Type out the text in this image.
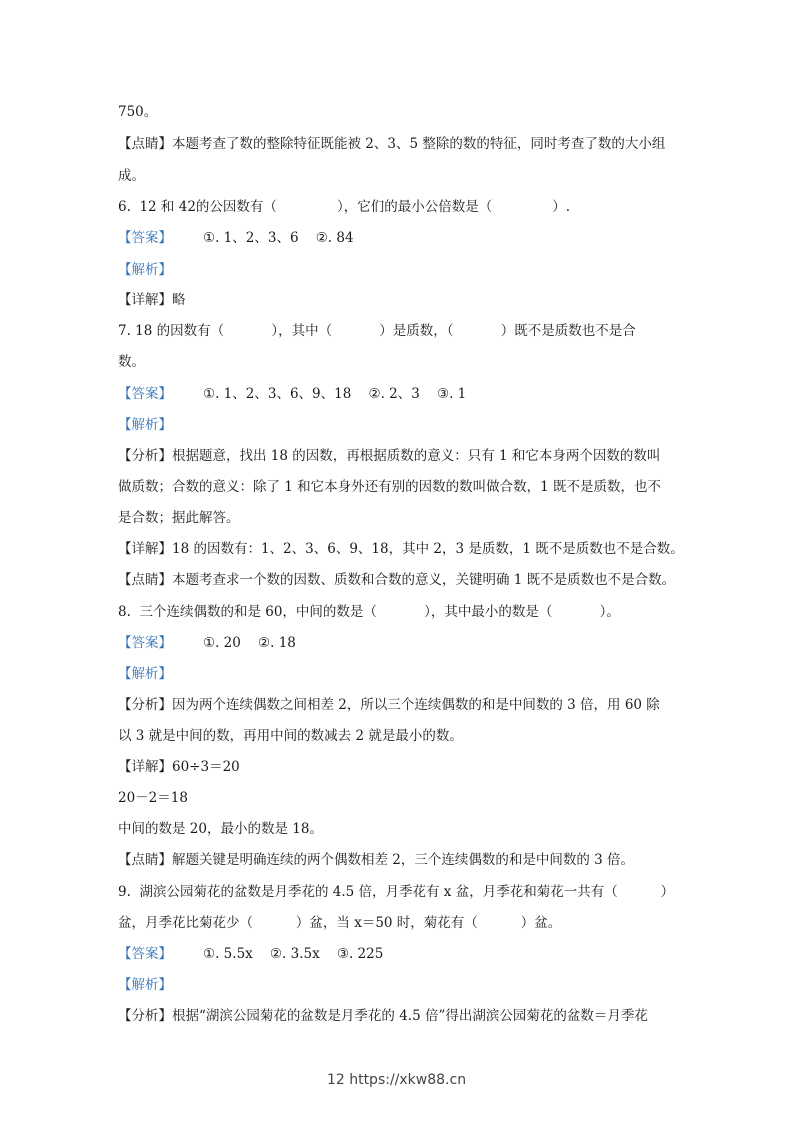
750。
【点睛】本题考查了数的整除特征既能被 2、3、5 整除的数的特征，同时考查了数的大小组
成。
6.  12 和 42的公因数有（              ），它们的最小公倍数是（              ）.
【答案】 ①. 1、2、3、6    ②. 84
【解析】
【详解】略
7. 18 的因数有（           ），其中（           ）是质数，（           ）既不是质数也不是合
数。
【答案】 ①. 1、2、3、6、9、18    ②. 2、3    ③. 1
【解析】
【分析】根据题意，找出 18 的因数，再根据质数的意义：只有 1 和它本身两个因数的数叫
做质数；合数的意义：除了 1 和它本身外还有别的因数的数叫做合数，1 既不是质数，也不
是合数；据此解答。
【详解】18 的因数有：1、2、3、6、9、18，其中 2，3 是质数，1 既不是质数也不是合数。
【点睛】本题考查求一个数的因数、质数和合数的意义，关键明确 1 既不是质数也不是合数。
8.  三个连续偶数的和是 60，中间的数是（           ），其中最小的数是（           ）。
【答案】 ①. 20    ②. 18
【解析】
【分析】因为两个连续偶数之间相差 2，所以三个连续偶数的和是中间数的 3 倍，用 60 除
以 3 就是中间的数，再用中间的数减去 2 就是最小的数。
【详解】60÷3＝20
20－2＝18
中间的数是 20，最小的数是 18。
【点睛】解题关键是明确连续的两个偶数相差 2，三个连续偶数的和是中间数的 3 倍。
9.  湖滨公园菊花的盆数是月季花的 4.5 倍，月季花有 x 盆，月季花和菊花一共有（          ）
盆，月季花比菊花少（          ）盆，当 x＝50 时，菊花有（          ）盆。
【答案】 ①. 5.5x    ②. 3.5x    ③. 225
【解析】
【分析】根据“湖滨公园菊花的盆数是月季花的 4.5 倍”得出湖滨公园菊花的盆数＝月季花
12 https://xkw88.cn
